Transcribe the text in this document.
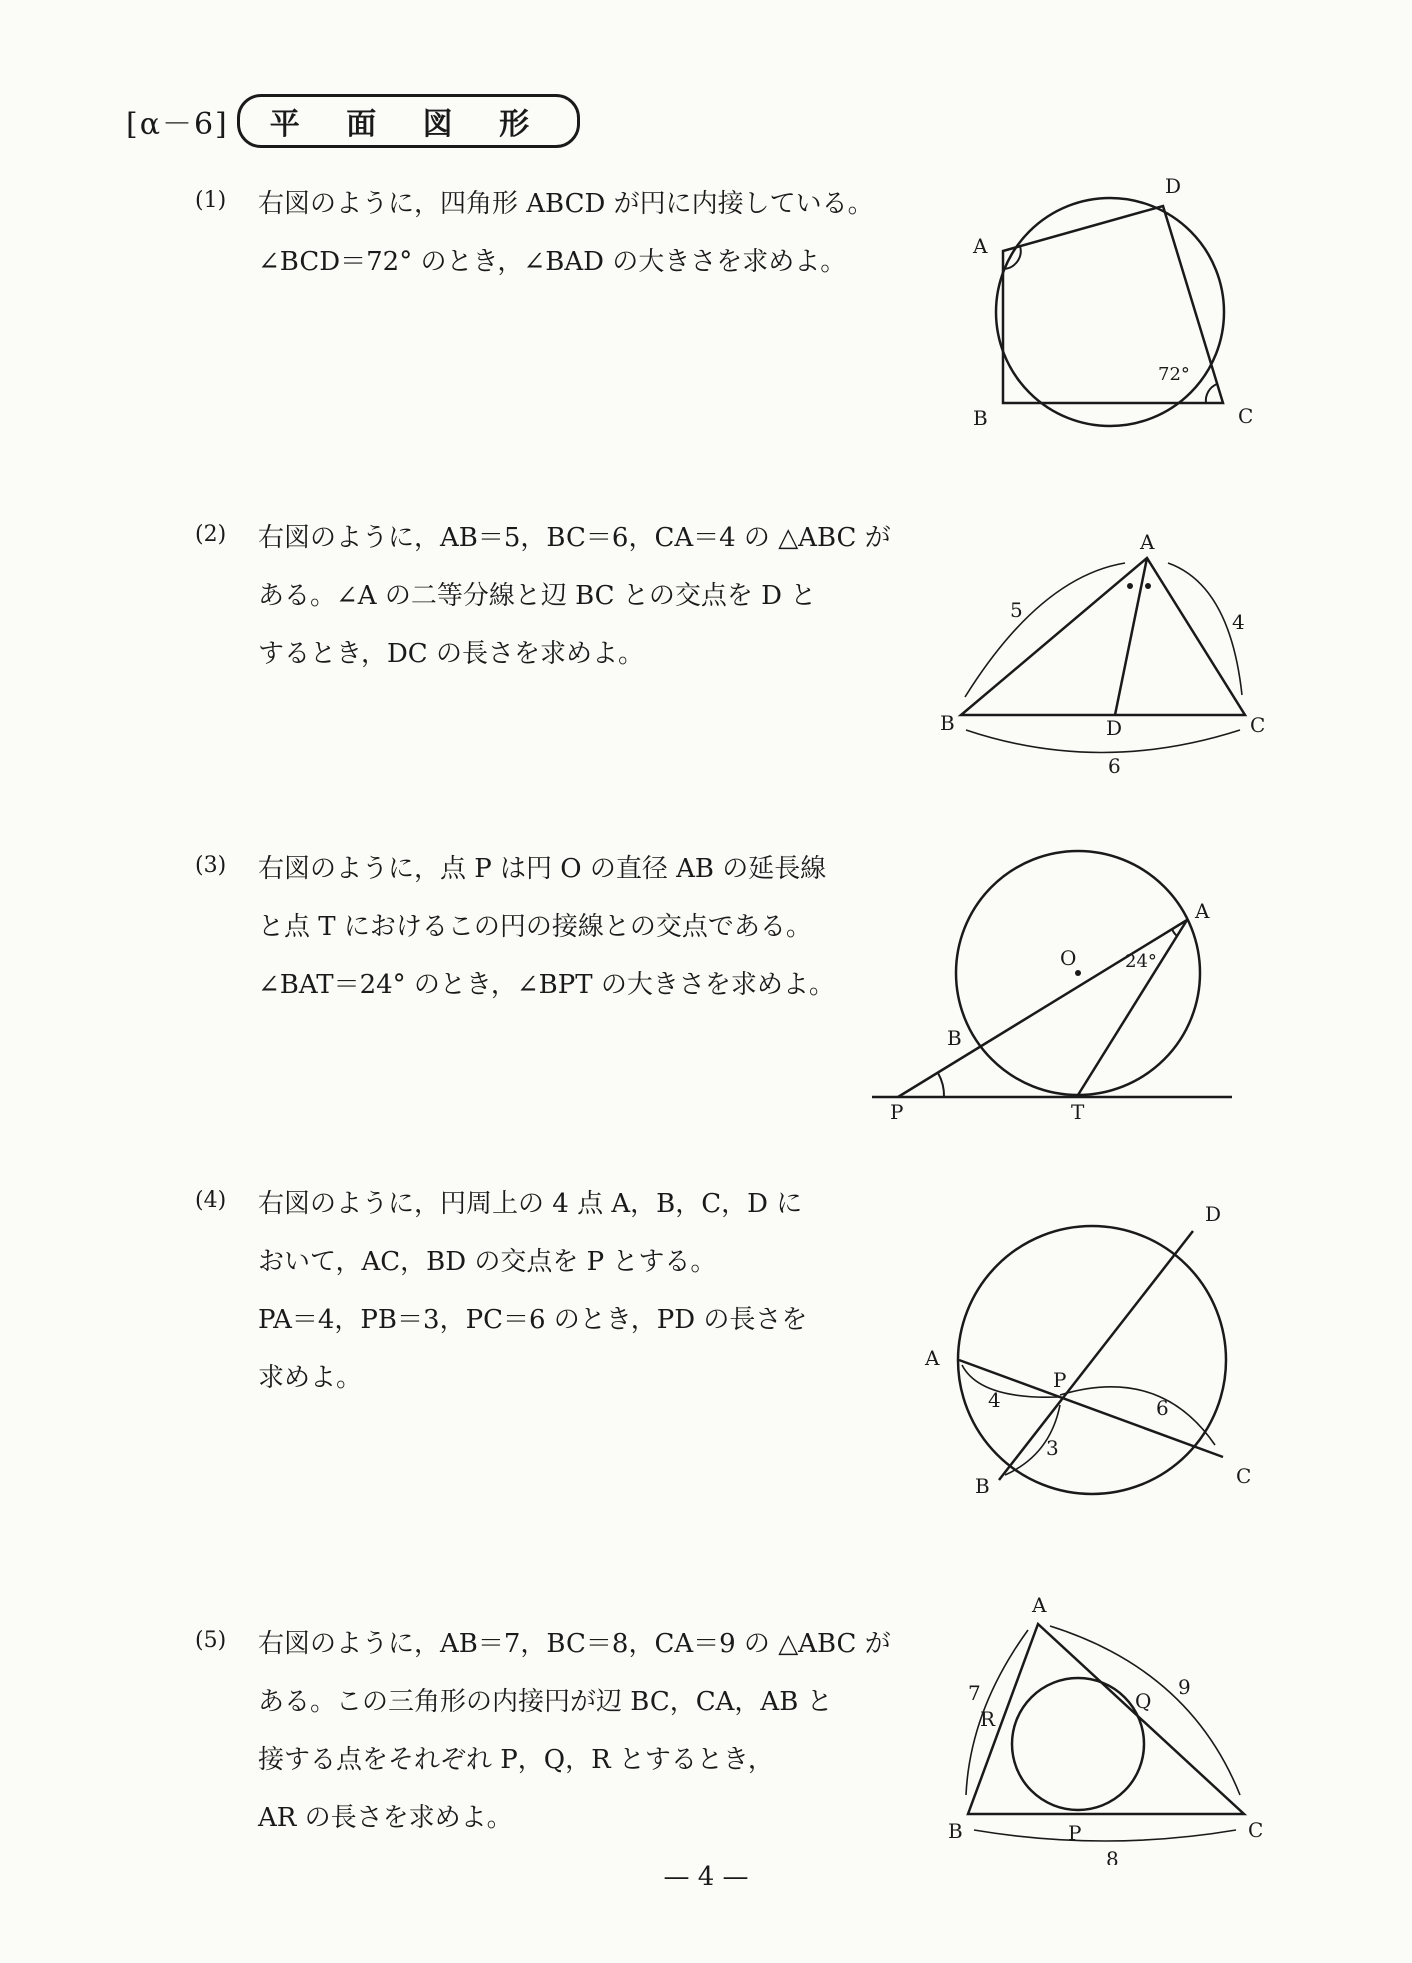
[α－6]	平 面 図 形
(1) 右図のように，四角形 ABCD が円に内接している。
∠BCD＝72° のとき，∠BAD の大きさを求めよ。
A
D
B	C
72°
(2) 右図のように，AB＝5，BC＝6，CA＝4 の △ABC が
ある。∠A の二等分線と辺 BC との交点を D と
するとき，DC の長さを求めよ。
A
B	C
D
5	4
6
(3) 右図のように，点 P は円 O の直径 AB の延長線
と点 T におけるこの円の接線との交点である。
∠BAT＝24° のとき，∠BPT の大きさを求めよ。
A
O	24°
B
P	T
(4) 右図のように，円周上の 4 点 A，B，C，D に
おいて，AC，BD の交点を P とする。
PA＝4，PB＝3，PC＝6 のとき，PD の長さを
求めよ。
A
D
B	C
P
4
3
6
(5) 右図のように，AB＝7，BC＝8，CA＝9 の △ABC が
ある。この三角形の内接円が辺 BC，CA，AB と
接する点をそれぞれ P，Q，R とするとき，
AR の長さを求めよ。
A
B	C
P
Q
R
7	9
8
— 4 —
